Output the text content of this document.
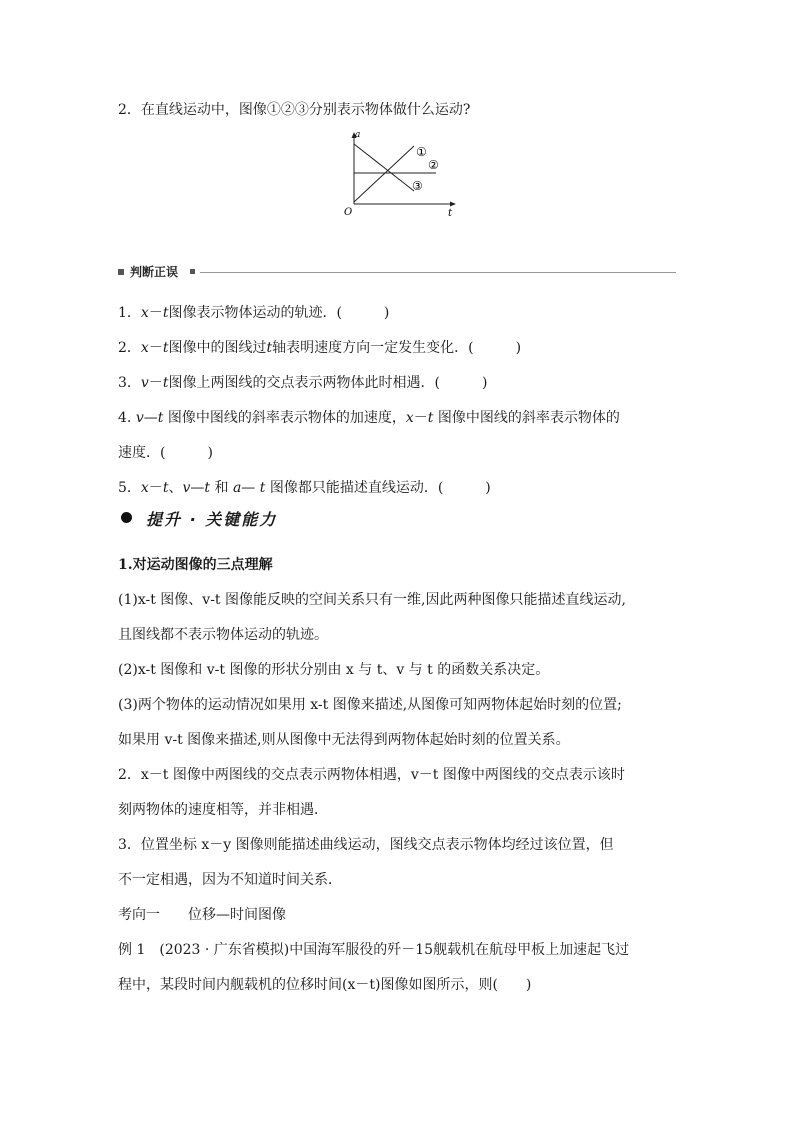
2．在直线运动中，图像①②③分别表示物体做什么运动?
a
t
O
①
②
③
判断正误
1．x－t图像表示物体运动的轨迹．(　　　)
2．x－t图像中的图线过t轴表明速度方向一定发生变化．(　　　)
3．v－t图像上两图线的交点表示两物体此时相遇．(　　　)
4. v—t 图像中图线的斜率表示物体的加速度，x－t 图像中图线的斜率表示物体的
速度．(　　　)
5．x－t、v—t 和 a— t 图像都只能描述直线运动．(　　　)
提升 · 关键能力
1.对运动图像的三点理解
(1)x-t 图像、v-t 图像能反映的空间关系只有一维,因此两种图像只能描述直线运动,
且图线都不表示物体运动的轨迹。
(2)x-t 图像和 v-t 图像的形状分别由 x 与 t、v 与 t 的函数关系决定。
(3)两个物体的运动情况如果用 x-t 图像来描述,从图像可知两物体起始时刻的位置;
如果用 v-t 图像来描述,则从图像中无法得到两物体起始时刻的位置关系。
2．x－t 图像中两图线的交点表示两物体相遇，v－t 图像中两图线的交点表示该时
刻两物体的速度相等，并非相遇．
3．位置坐标 x－y 图像则能描述曲线运动，图线交点表示物体均经过该位置，但
不一定相遇，因为不知道时间关系．
考向一 位移—时间图像
例 1　(2023 · 广东省模拟)中国海军服役的歼－15舰载机在航母甲板上加速起飞过
程中，某段时间内舰载机的位移时间(x－t)图像如图所示，则(　　)
